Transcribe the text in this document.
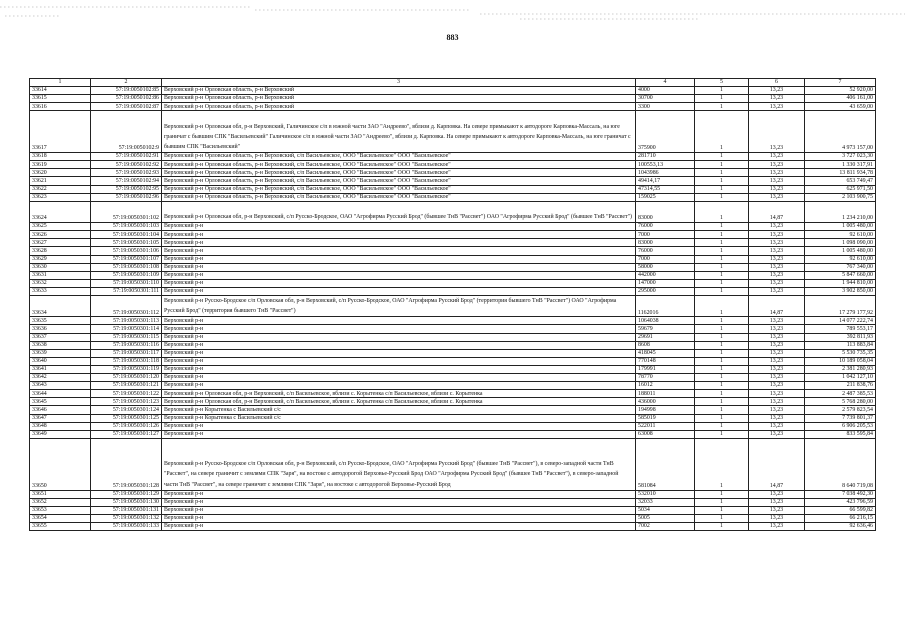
883
1	2	3	4	5	6	7
33614	57:19:0050102:85	Верховский р-н Орловская область, р-н Верховский	4000	1	13,23	52 920,00
33615	57:19:0050102:86	Верховский р-н Орловская область, р-н Верховский	30700	1	13,23	406 161,00
33616	57:19:0050102:87	Верховский р-н Орловская область, р-н Верховский	3300	1	13,23	43 659,00
33617	57:19:0050102:9	Верховский р-н Орловская обл, р-н Верховский, Галичинское с/п в южной части ЗАО "Андреево", вблизи д. Карповка. На севере примыкают к автодороге Карповка-Массаль, на юге граничат с бывшим СПК "Васильевский" Галичинское с/п в южной части ЗАО "Андреево", вблизи д. Карповка. На севере примыкают к автодороге Карповка-Массаль, на юге граничат с бывшим СПК "Васильевский"	375900	1	13,23	4 973 157,00
33618	57:19:0050102:91	Верховский р-н Орловская область, р-н Верховский, с/п Васильевское, ООО "Васильевское" ООО "Васильевское"	281710	1	13,23	3 727 023,30
33619	57:19:0050102:92	Верховский р-н Орловская область, р-н Верховский, с/п Васильевское, ООО "Васильевское" ООО "Васильевское"	100553,13	1	13,23	1 330 317,91
33620	57:19:0050102:93	Верховский р-н Орловская область, р-н Верховский, с/п Васильевское, ООО "Васильевское" ООО "Васильевское"	1043986	1	13,23	13 811 934,78
33621	57:19:0050102:94	Верховский р-н Орловская область, р-н Верховский, с/п Васильевское, ООО "Васильевское" ООО "Васильевское"	49414,17	1	13,23	653 749,47
33622	57:19:0050102:95	Верховский р-н Орловская область, р-н Верховский, с/п Васильевское, ООО "Васильевское" ООО "Васильевское"	47314,55	1	13,23	625 971,50
33623	57:19:0050102:96	Верховский р-н Орловская область, р-н Верховский, с/п Васильевское, ООО "Васильевское" ООО "Васильевское"	159025	1	13,23	2 103 900,75
33624	57:19:0050301:102	Верховский р-н Орловская обл, р-н Верховский, с/п Русско-Бродское, ОАО "Агрофирма Русский Брод" (бывшее ТнВ "Рассвет") ОАО "Агрофирма Русский Брод" (бывшее ТнВ "Рассвет")	83000	1	14,87	1 234 210,00
33625	57:19:0050301:103	Верховский р-н	76000	1	13,23	1 005 480,00
33626	57:19:0050301:104	Верховский р-н	7000	1	13,23	92 610,00
33627	57:19:0050301:105	Верховский р-н	83000	1	13,23	1 098 090,00
33628	57:19:0050301:106	Верховский р-н	76000	1	13,23	1 005 480,00
33629	57:19:0050301:107	Верховский р-н	7000	1	13,23	92 610,00
33630	57:19:0050301:108	Верховский р-н	58000	1	13,23	767 340,00
33631	57:19:0050301:109	Верховский р-н	442000	1	13,23	5 847 660,00
33632	57:19:0050301:110	Верховский р-н	147000	1	13,23	1 944 810,00
33633	57:19:0050301:111	Верховский р-н	295000	1	13,23	3 902 850,00
33634	57:19:0050301:112	Верховский р-н Русско-Бродское с/п Орловская обл, р-н Верховский, с/п Русско-Бродское, ОАО "Агрофирма Русский Брод" (территория бывшего ТнВ "Рассвет") ОАО "Агрофирма Русский Брод" (территория бывшего ТнВ "Рассвет")	1162016	1	14,87	17 279 177,92
33635	57:19:0050301:113	Верховский р-н	1064038	1	13,23	14 077 222,74
33636	57:19:0050301:114	Верховский р-н	59679	1	13,23	789 553,17
33637	57:19:0050301:115	Верховский р-н	29691	1	13,23	392 811,93
33638	57:19:0050301:116	Верховский р-н	8608	1	13,23	113 883,84
33639	57:19:0050301:117	Верховский р-н	418045	1	13,23	5 530 735,35
33640	57:19:0050301:118	Верховский р-н	770148	1	13,23	10 189 058,04
33641	57:19:0050301:119	Верховский р-н	179991	1	13,23	2 381 280,93
33642	57:19:0050301:120	Верховский р-н	78770	1	13,23	1 042 127,10
33643	57:19:0050301:121	Верховский р-н	16012	1	13,23	211 838,76
33644	57:19:0050301:122	Верховский р-н Орловская обл, р-н Верховский, с/п Васильевское, вблизи с. Корытенка с/п Васильевское, вблизи с. Корытенка	188011	1	13,23	2 487 385,53
33645	57:19:0050301:123	Верховский р-н Орловская обл, р-н Верховский, с/п Васильевское, вблизи с. Корытенка с/п Васильевское, вблизи с. Корытенка	436000	1	13,23	5 768 280,00
33646	57:19:0050301:124	Верховский р-н Корытенка с Васильевский с/с	194998	1	13,23	2 579 823,54
33647	57:19:0050301:125	Верховский р-н Корытенка с Васильевский с/с	585019	1	13,23	7 739 801,37
33648	57:19:0050301:126	Верховский р-н	522011	1	13,23	6 906 205,53
33649	57:19:0050301:127	Верховский р-н	63008	1	13,23	833 595,84
33650	57:19:0050301:128	Верховский р-н Русско-Бродское с/п Орловская обл, р-н Верховский, с/п Русско-Бродское, ОАО "Агрофирма Русский Брод" (бывшее ТнВ "Рассвет"), в северо-западной части ТнВ "Рассвет", на севере граничит с землями СПК "Заря", на востоке с автодорогой Верховье-Русский Брод ОАО "Агрофирма Русский Брод" (бывшее ТнВ "Рассвет"), в северо-западной части ТнВ "Рассвет", на севере граничит с землями СПК "Заря", на востоке с автодорогой Верховье-Русский Брод	581084	1	14,87	8 640 719,08
33651	57:19:0050301:129	Верховский р-н	532010	1	13,23	7 038 492,30
33652	57:19:0050301:130	Верховский р-н	32033	1	13,23	423 796,59
33653	57:19:0050301:131	Верховский р-н	5034	1	13,23	66 599,82
33654	57:19:0050301:132	Верховский р-н	5005	1	13,23	66 216,15
33655	57:19:0050301:133	Верховский р-н	7002	1	13,23	92 636,46
